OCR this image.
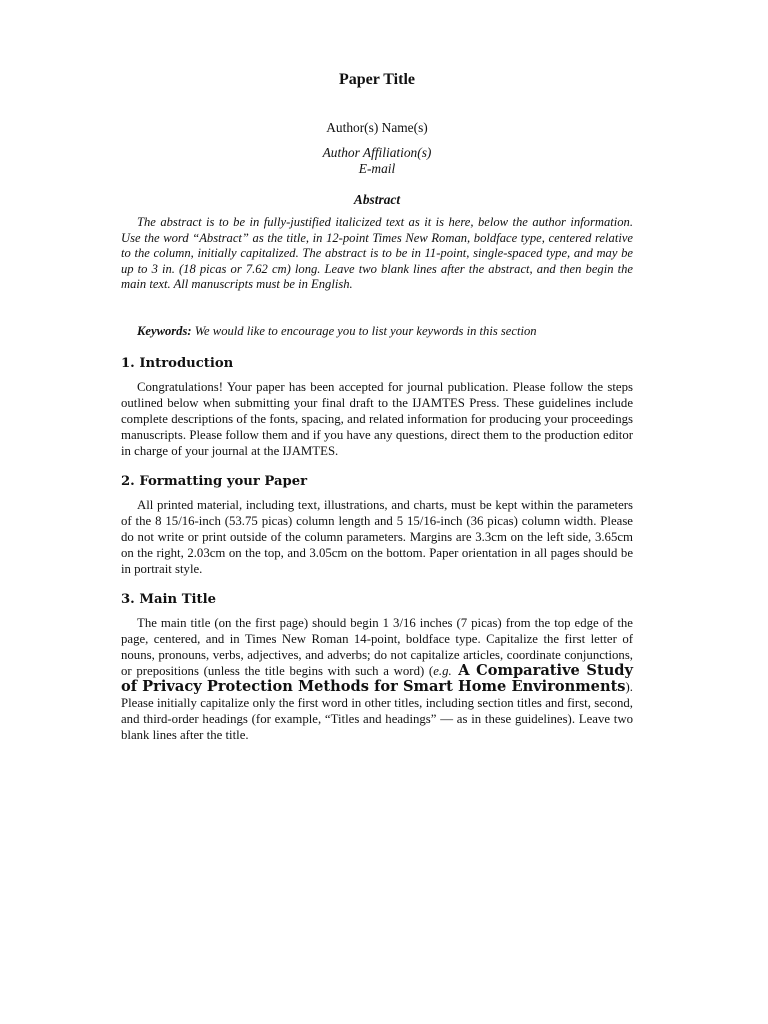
Paper Title
Author(s) Name(s)
Author Affiliation(s)
E-mail
Abstract
The abstract is to be in fully-justified italicized text as it is here, below the author information. Use the word “Abstract” as the title, in 12-point Times New Roman, boldface type, centered relative to the column, initially capitalized. The abstract is to be in 11-point, single-spaced type, and may be up to 3 in. (18 picas or 7.62 cm) long. Leave two blank lines after the abstract, and then begin the main text. All manuscripts must be in English.
Keywords: We would like to encourage you to list your keywords in this section
1. Introduction
Congratulations! Your paper has been accepted for journal publication. Please follow the steps outlined below when submitting your final draft to the IJAMTES Press. These guidelines include complete descriptions of the fonts, spacing, and related information for producing your proceedings manuscripts. Please follow them and if you have any questions, direct them to the production editor in charge of your journal at the IJAMTES.
2. Formatting your Paper
All printed material, including text, illustrations, and charts, must be kept within the parameters of the 8 15/16-inch (53.75 picas) column length and 5 15/16-inch (36 picas) column width. Please do not write or print outside of the column parameters. Margins are 3.3cm on the left side, 3.65cm on the right, 2.03cm on the top, and 3.05cm on the bottom. Paper orientation in all pages should be in portrait style.
3. Main Title
The main title (on the first page) should begin 1 3/16 inches (7 picas) from the top edge of the page, centered, and in Times New Roman 14-point, boldface type. Capitalize the first letter of nouns, pronouns, verbs, adjectives, and adverbs; do not capitalize articles, coordinate conjunctions, or prepositions (unless the title begins with such a word) (e.g. A Comparative Study of Privacy Protection Methods for Smart Home Environments). Please initially capitalize only the first word in other titles, including section titles and first, second, and third-order headings (for example, “Titles and headings” — as in these guidelines). Leave two blank lines after the title.
